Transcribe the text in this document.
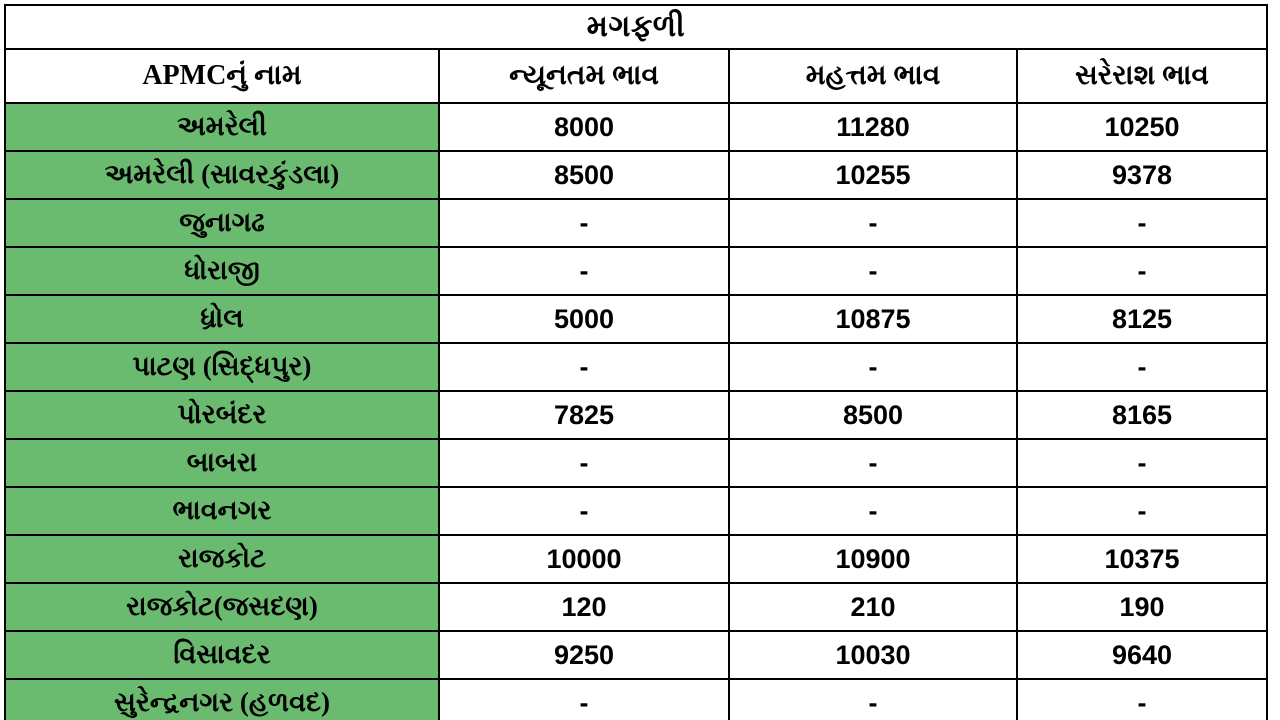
મગફળી			
APMCનું નામ	ન્યૂનતમ ભાવ	મહત્તમ ભાવ	સરેરાશ ભાવ
અમરેલી	8000	11280	10250
અમરેલી (સાવરકુંડલા)	8500	10255	9378
જુનાગઢ	-	-	-
ધોરાજી	-	-	-
ધ્રોલ	5000	10875	8125
પાટણ (સિદ્ધપુર)	-	-	-
પોરબંદર	7825	8500	8165
બાબરા	-	-	-
ભાવનગર	-	-	-
રાજકોટ	10000	10900	10375
રાજકોટ(જસદણ)	120	210	190
વિસાવદર	9250	10030	9640
સુરેન્દ્રનગર (હળવદ)	-	-	-
